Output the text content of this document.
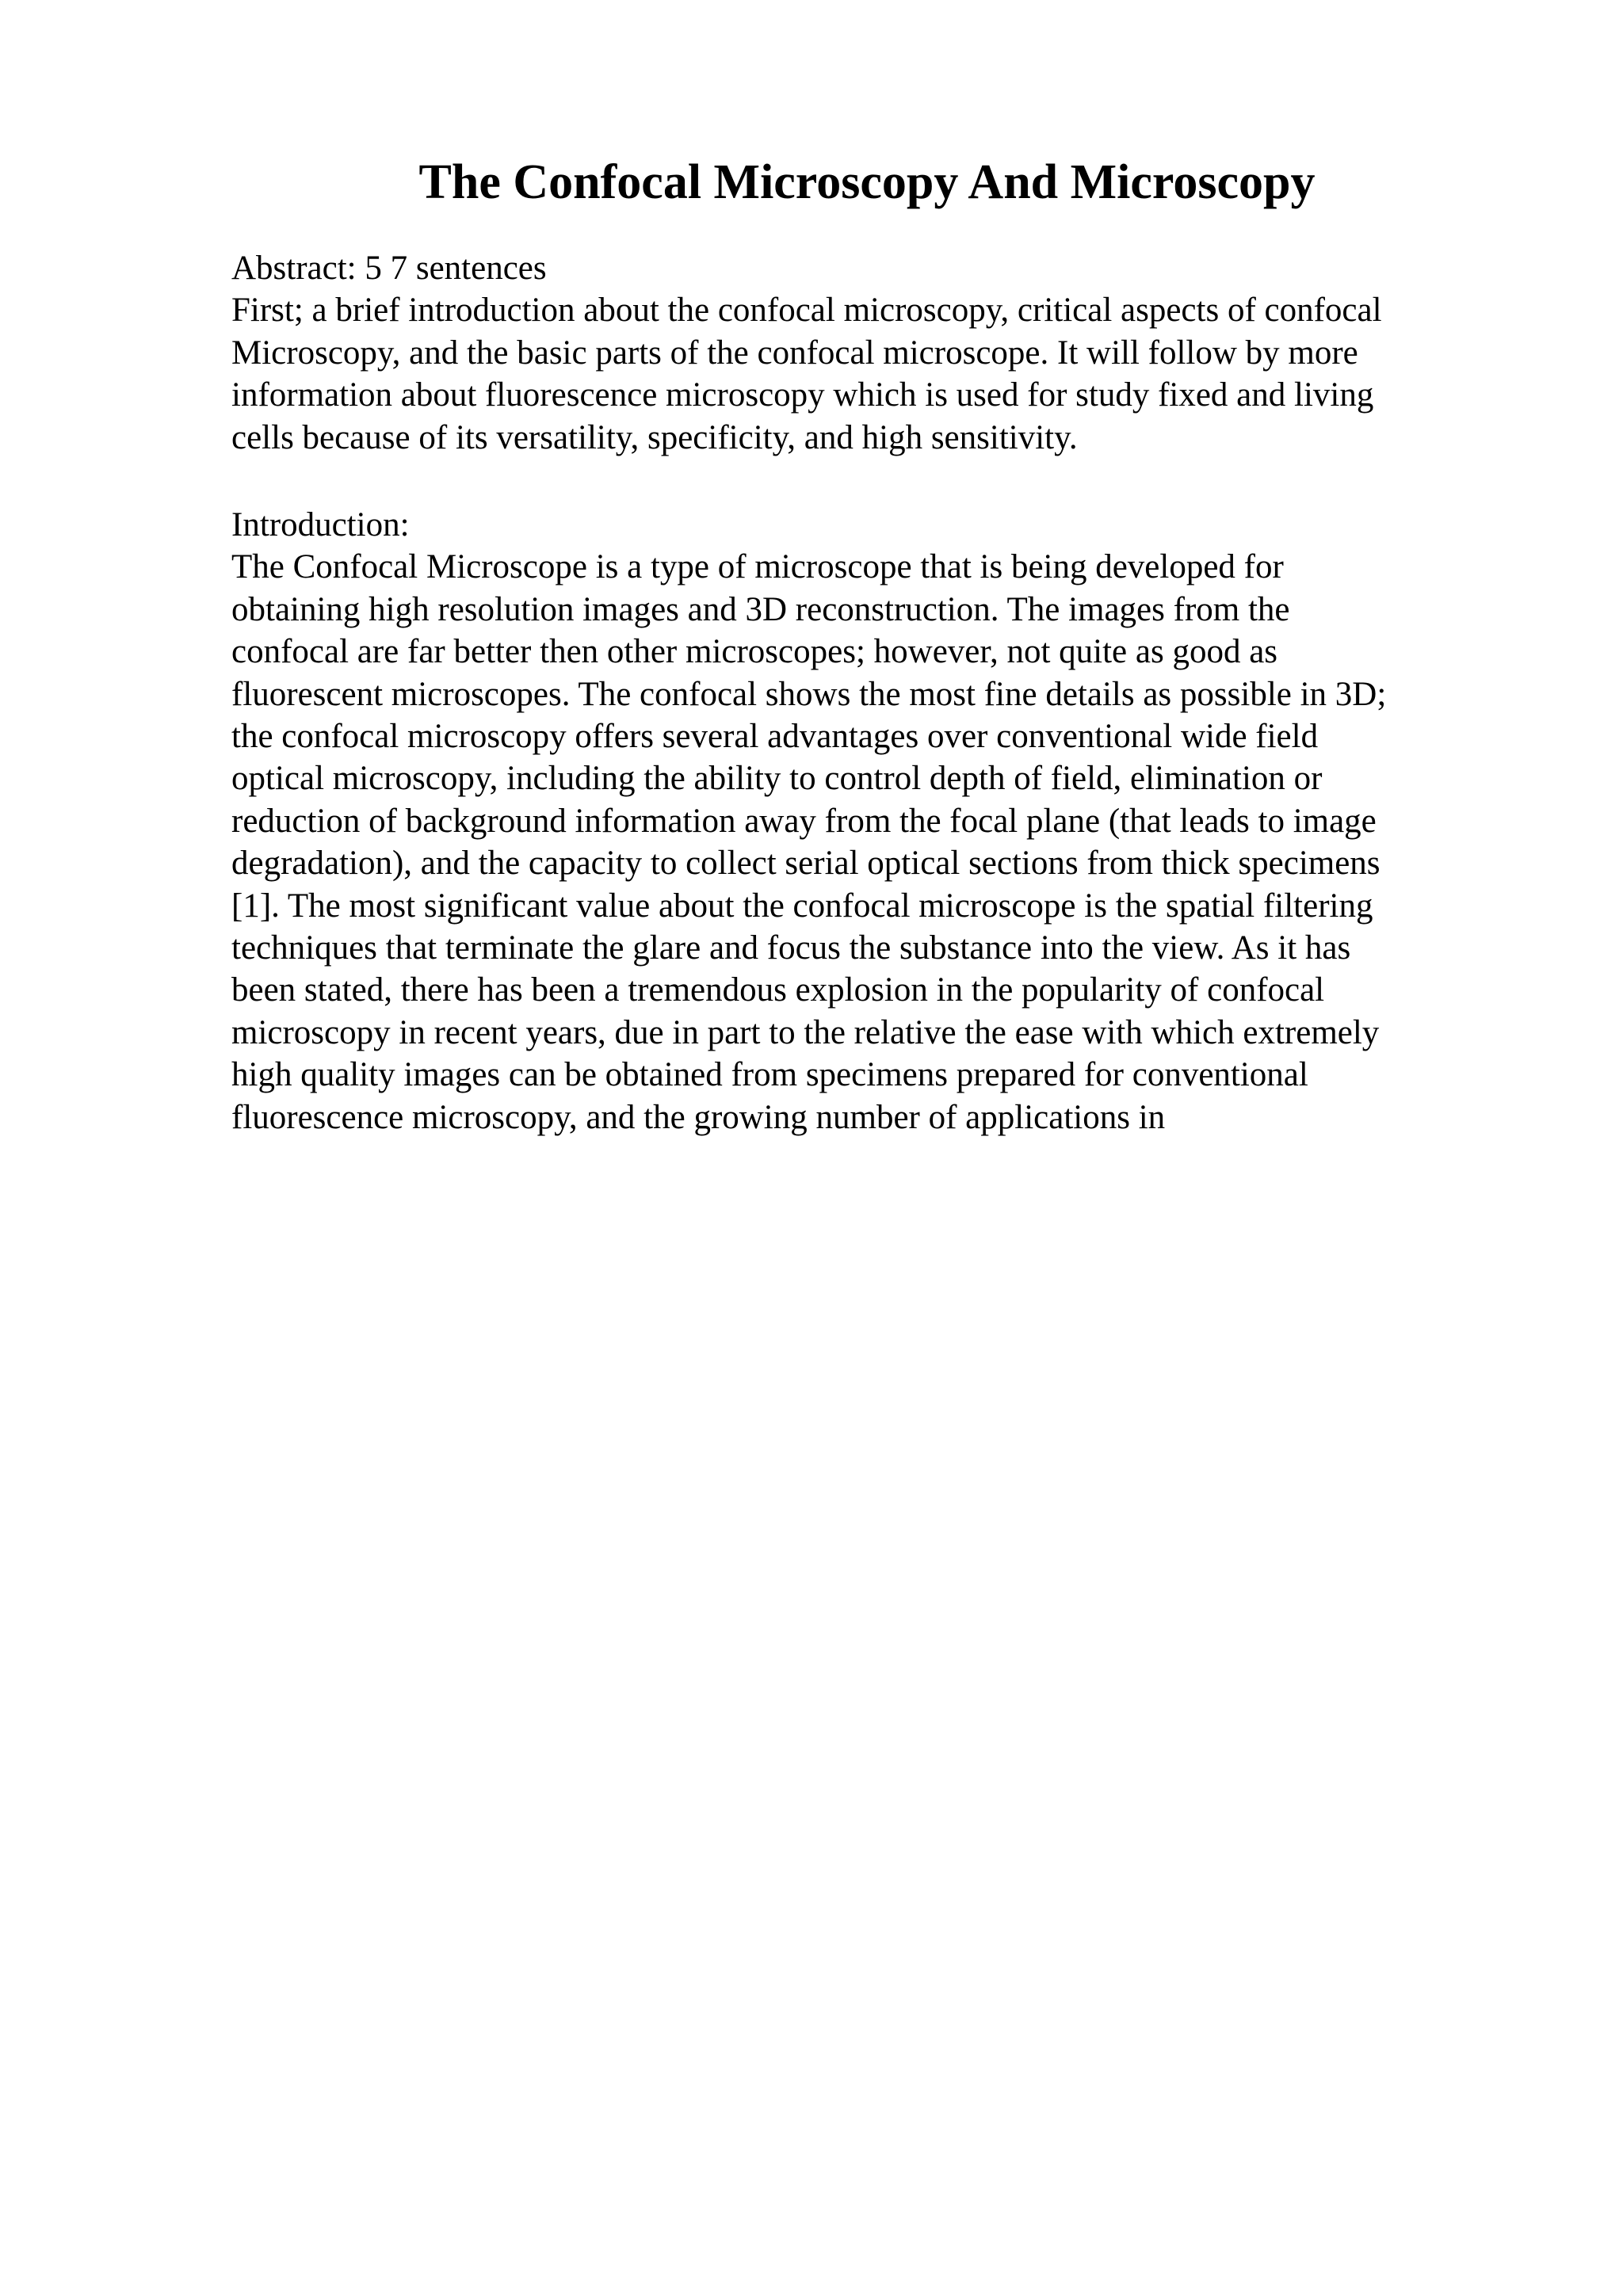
The Confocal Microscopy And Microscopy
Abstract: 5 7 sentences
First; a brief introduction about the confocal microscopy, critical aspects of confocal
Microscopy, and the basic parts of the confocal microscope. It will follow by more
information about fluorescence microscopy which is used for study fixed and living
cells because of its versatility, specificity, and high sensitivity.
Introduction:
The Confocal Microscope is a type of microscope that is being developed for
obtaining high resolution images and 3D reconstruction. The images from the
confocal are far better then other microscopes; however, not quite as good as
fluorescent microscopes. The confocal shows the most fine details as possible in 3D;
the confocal microscopy offers several advantages over conventional wide field
optical microscopy, including the ability to control depth of field, elimination or
reduction of background information away from the focal plane (that leads to image
degradation), and the capacity to collect serial optical sections from thick specimens
[1]. The most significant value about the confocal microscope is the spatial filtering
techniques that terminate the glare and focus the substance into the view. As it has
been stated, there has been a tremendous explosion in the popularity of confocal
microscopy in recent years, due in part to the relative the ease with which extremely
high quality images can be obtained from specimens prepared for conventional
fluorescence microscopy, and the growing number of applications in
